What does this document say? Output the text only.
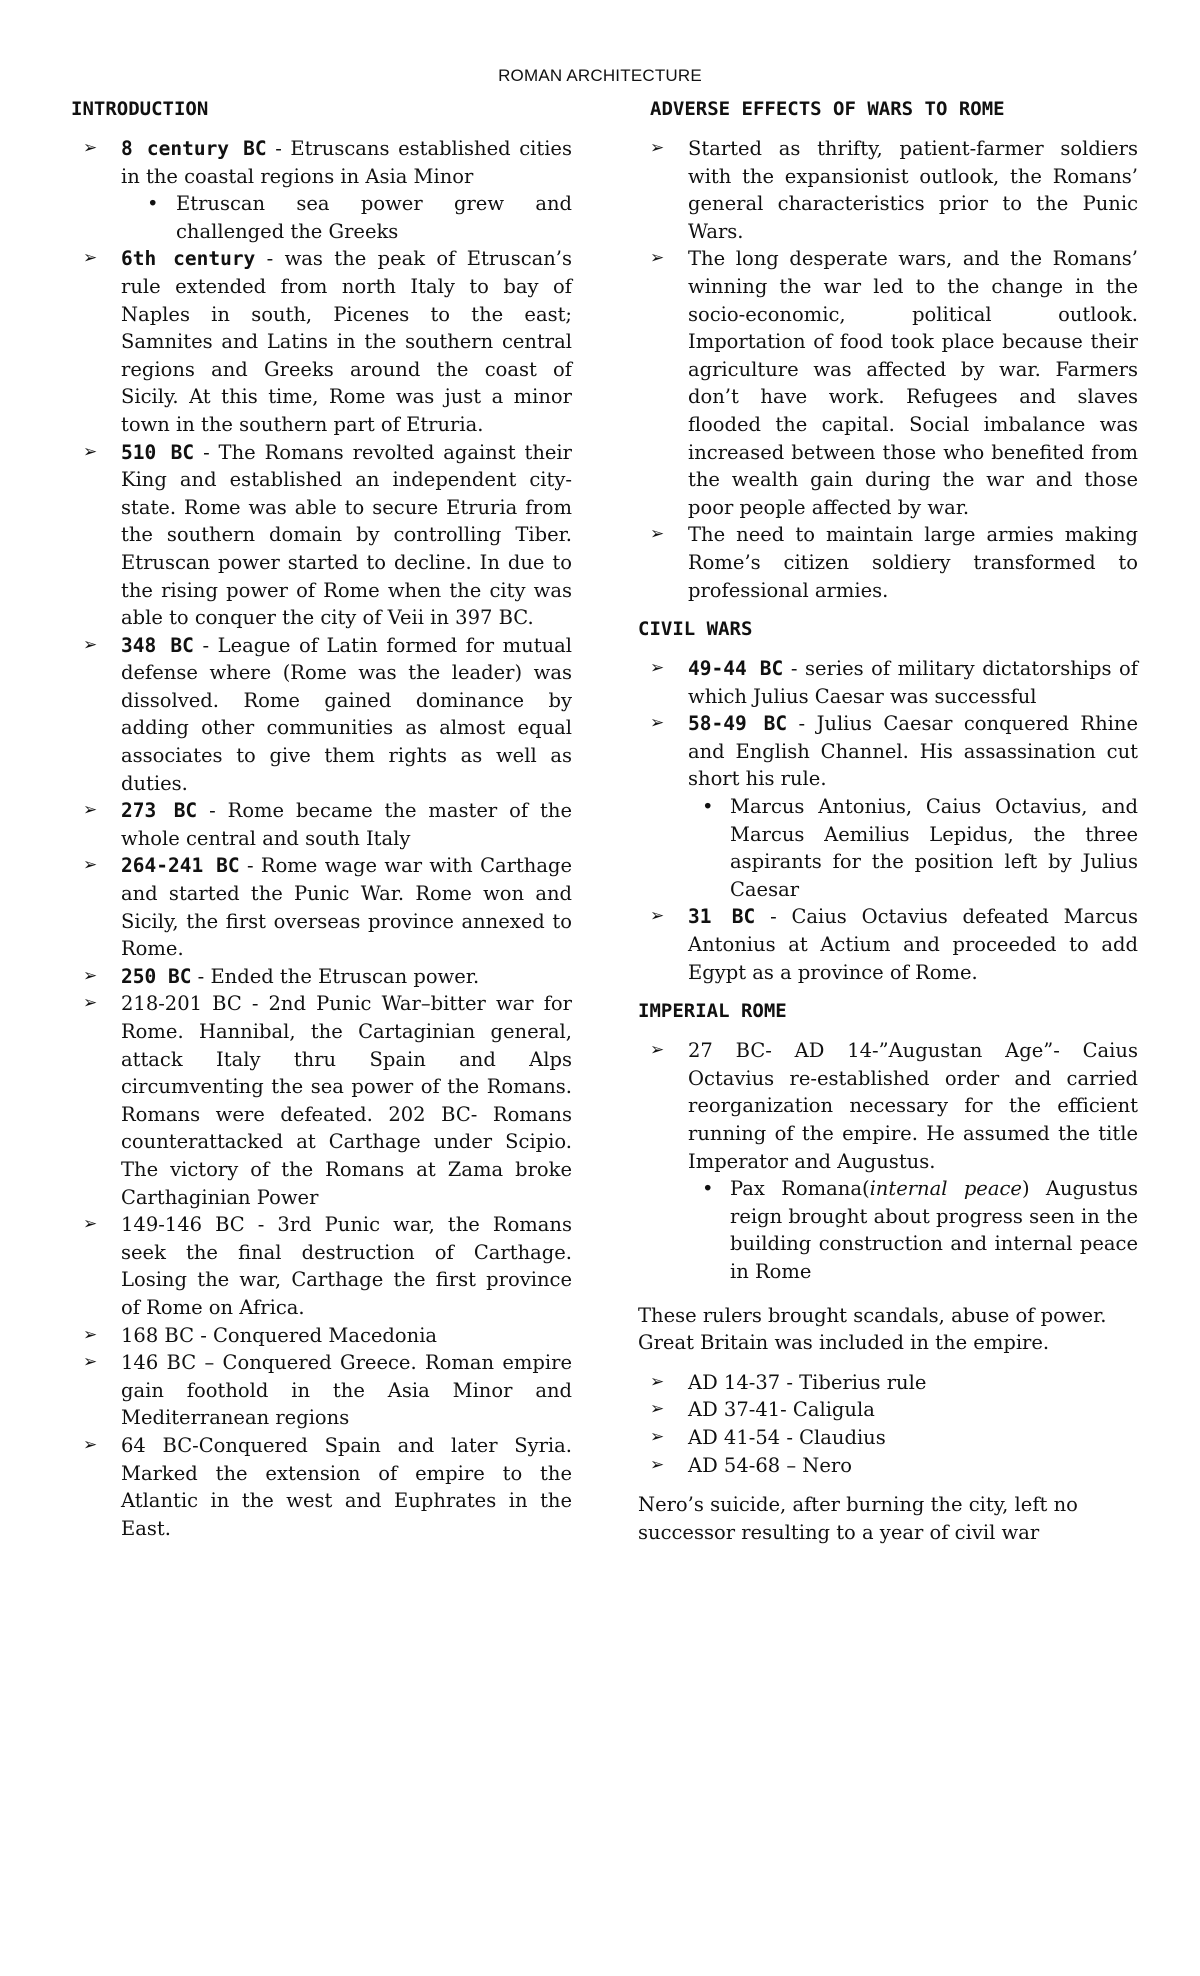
ROMAN ARCHITECTURE
INTRODUCTION
➢ 8 century BC - Etruscans established cities in the coastal regions in Asia Minor
• Etruscan sea power grew and challenged the Greeks
➢ 6th century - was the peak of Etruscan’s rule extended from north Italy to bay of Naples in south, Picenes to the east; Samnites and Latins in the southern central regions and Greeks around the coast of Sicily. At this time, Rome was just a minor town in the southern part of Etruria.
➢ 510 BC - The Romans revolted against their King and established an independent city-state. Rome was able to secure Etruria from the southern domain by controlling Tiber. Etruscan power started to decline. In due to the rising power of Rome when the city was able to conquer the city of Veii in 397 BC.
➢ 348 BC - League of Latin formed for mutual defense where (Rome was the leader) was dissolved. Rome gained dominance by adding other communities as almost equal associates to give them rights as well as duties.
➢ 273 BC - Rome became the master of the whole central and south Italy
➢ 264-241 BC - Rome wage war with Carthage and started the Punic War. Rome won and Sicily, the first overseas province annexed to Rome.
➢ 250 BC - Ended the Etruscan power.
➢ 218-201 BC - 2nd Punic War–bitter war for Rome. Hannibal, the Cartaginian general, attack Italy thru Spain and Alps circumventing the sea power of the Romans. Romans were defeated. 202 BC- Romans counterattacked at Carthage under Scipio. The victory of the Romans at Zama broke Carthaginian Power
➢ 149-146 BC - 3rd Punic war, the Romans seek the final destruction of Carthage. Losing the war, Carthage the first province of Rome on Africa.
➢ 168 BC - Conquered Macedonia
➢ 146 BC – Conquered Greece. Roman empire gain foothold in the Asia Minor and Mediterranean regions
➢ 64 BC-Conquered Spain and later Syria. Marked the extension of empire to the Atlantic in the west and Euphrates in the East.
ADVERSE EFFECTS OF WARS TO ROME
➢ Started as thrifty, patient-farmer soldiers with the expansionist outlook, the Romans’ general characteristics prior to the Punic Wars.
➢ The long desperate wars, and the Romans’ winning the war led to the change in the socio-economic, political outlook. Importation of food took place because their agriculture was affected by war. Farmers don’t have work. Refugees and slaves flooded the capital. Social imbalance was increased between those who benefited from the wealth gain during the war and those poor people affected by war.
➢ The need to maintain large armies making Rome’s citizen soldiery transformed to professional armies.
CIVIL WARS
➢ 49-44 BC - series of military dictatorships of which Julius Caesar was successful
➢ 58-49 BC - Julius Caesar conquered Rhine and English Channel. His assassination cut short his rule.
• Marcus Antonius, Caius Octavius, and Marcus Aemilius Lepidus, the three aspirants for the position left by Julius Caesar
➢ 31 BC - Caius Octavius defeated Marcus Antonius at Actium and proceeded to add Egypt as a province of Rome.
IMPERIAL ROME
➢ 27 BC- AD 14-”Augustan Age”- Caius Octavius re-established order and carried reorganization necessary for the efficient running of the empire. He assumed the title Imperator and Augustus.
• Pax Romana(internal peace) Augustus reign brought about progress seen in the building construction and internal peace in Rome

These rulers brought scandals, abuse of power. Great Britain was included in the empire.

➢ AD 14-37 - Tiberius rule
➢ AD 37-41- Caligula
➢ AD 41-54 - Claudius
➢ AD 54-68 – Nero

Nero’s suicide, after burning the city, left no successor resulting to a year of civil war
